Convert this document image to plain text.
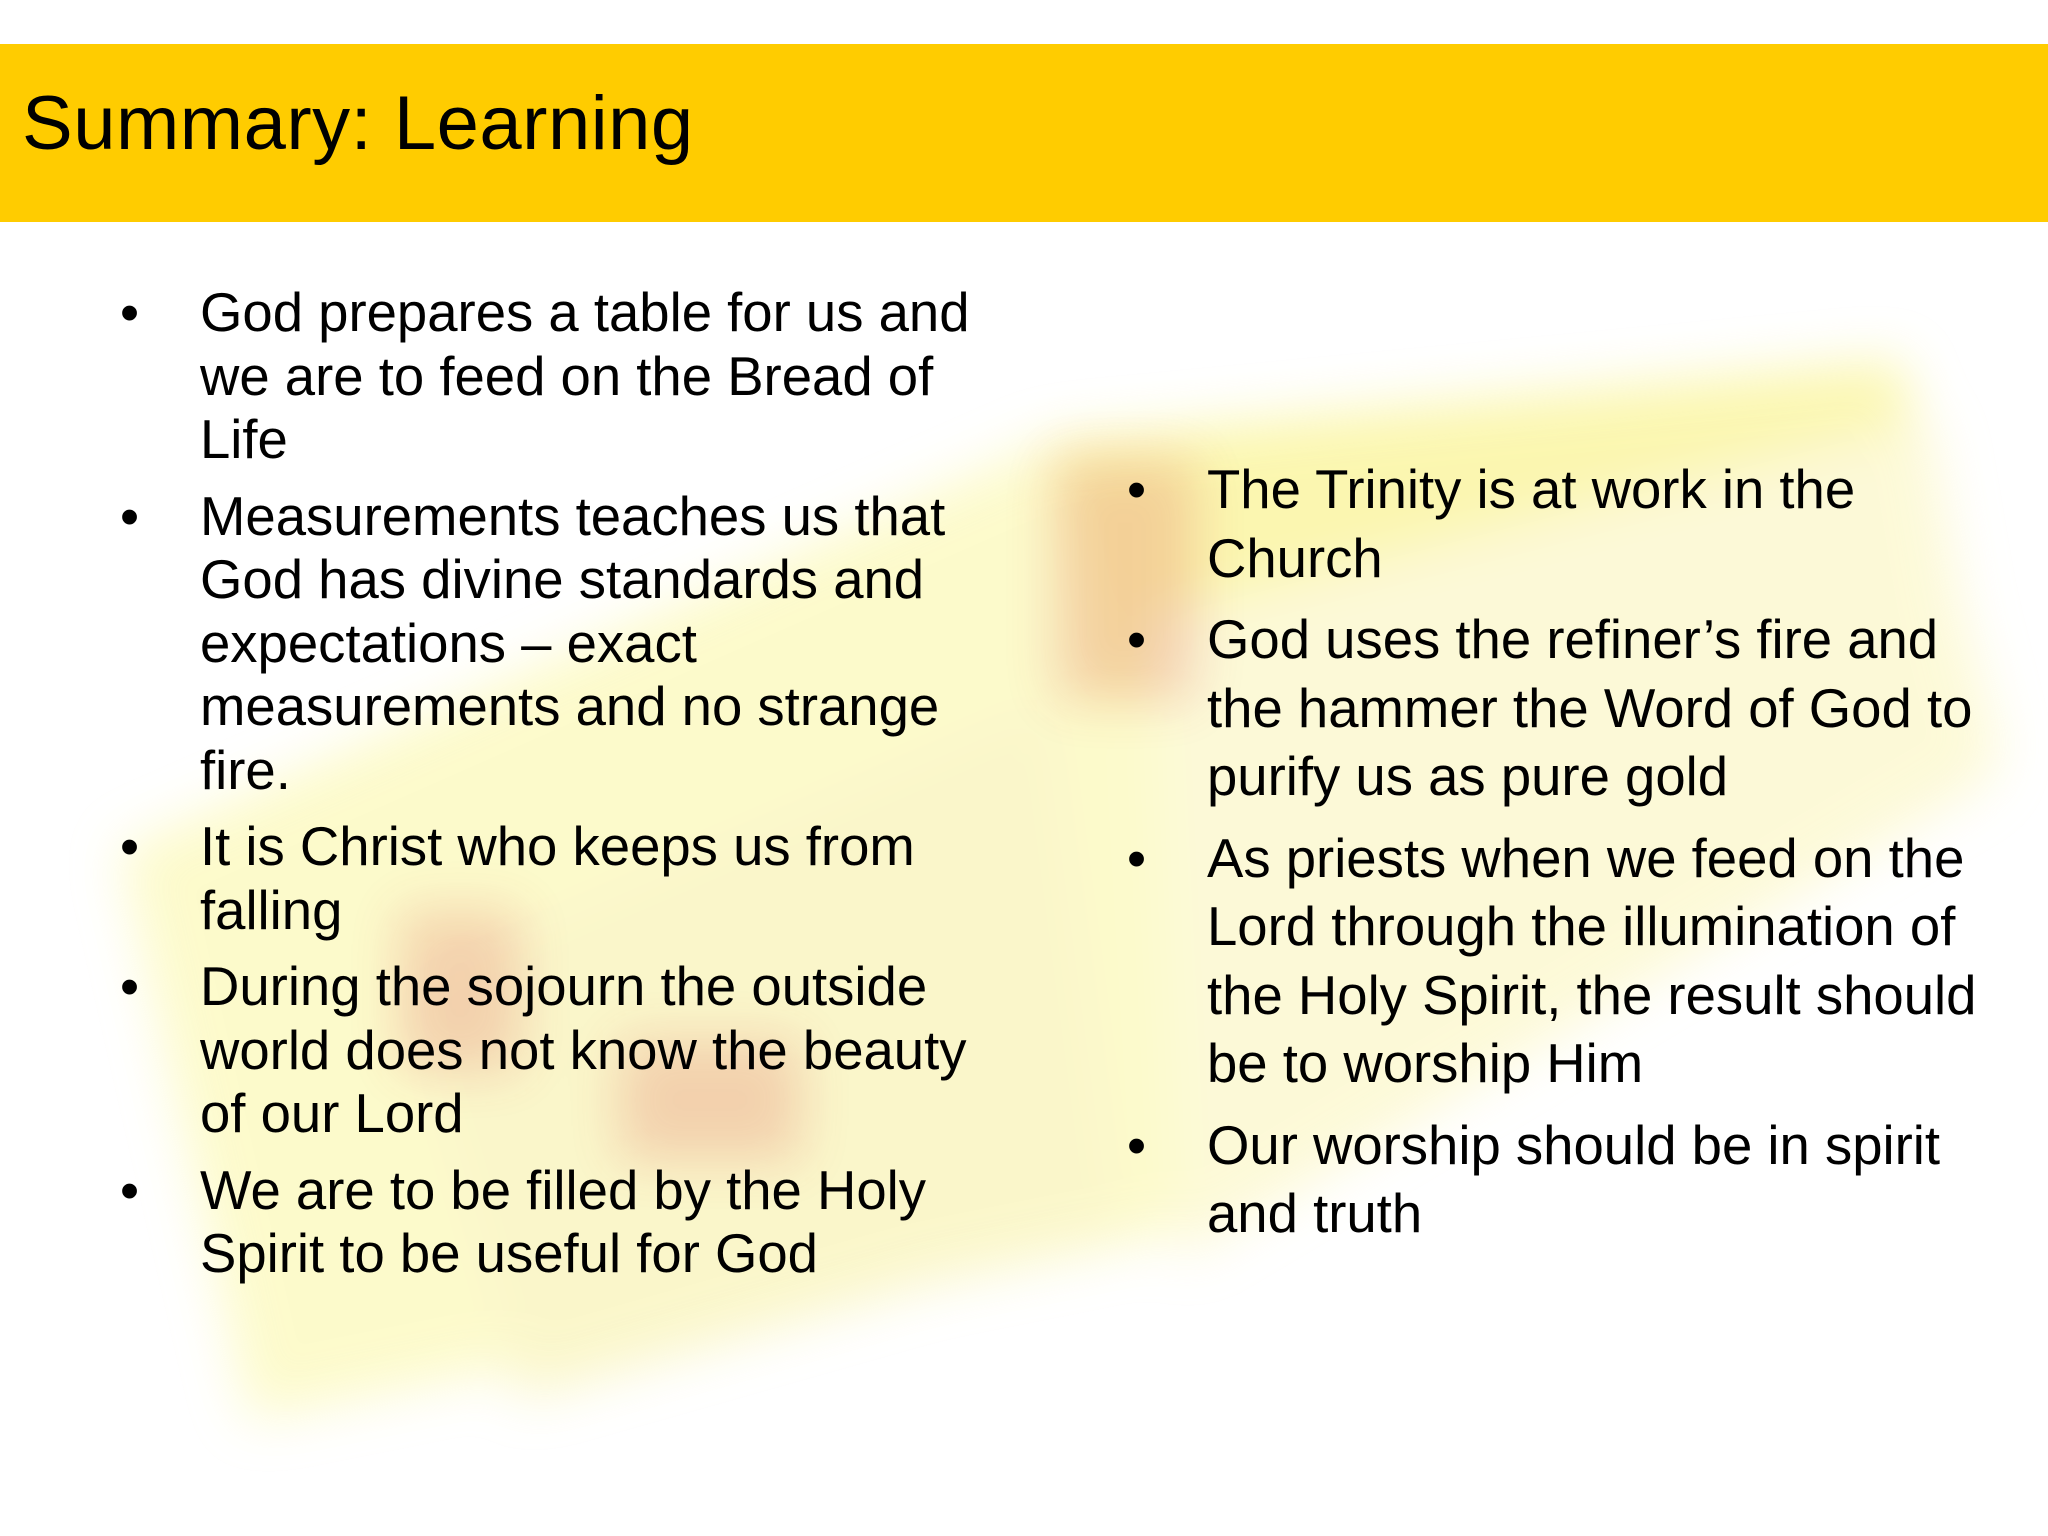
Summary: Learning
•	God prepares a table for us and we are to feed on the Bread of Life
•	Measurements teaches us that God has divine standards and expectations – exact measurements and no strange fire.
•	It is Christ who keeps us from falling
•	During the sojourn the outside world does not know the beauty of our Lord
•	We are to be filled by the Holy Spirit to be useful for God
•	The Trinity is at work in the Church
•	God uses the refiner’s fire and the hammer the Word of God to purify us as pure gold
•	As priests when we feed on the Lord through the illumination of the Holy Spirit, the result should be to worship Him
•	Our worship should be in spirit and truth
